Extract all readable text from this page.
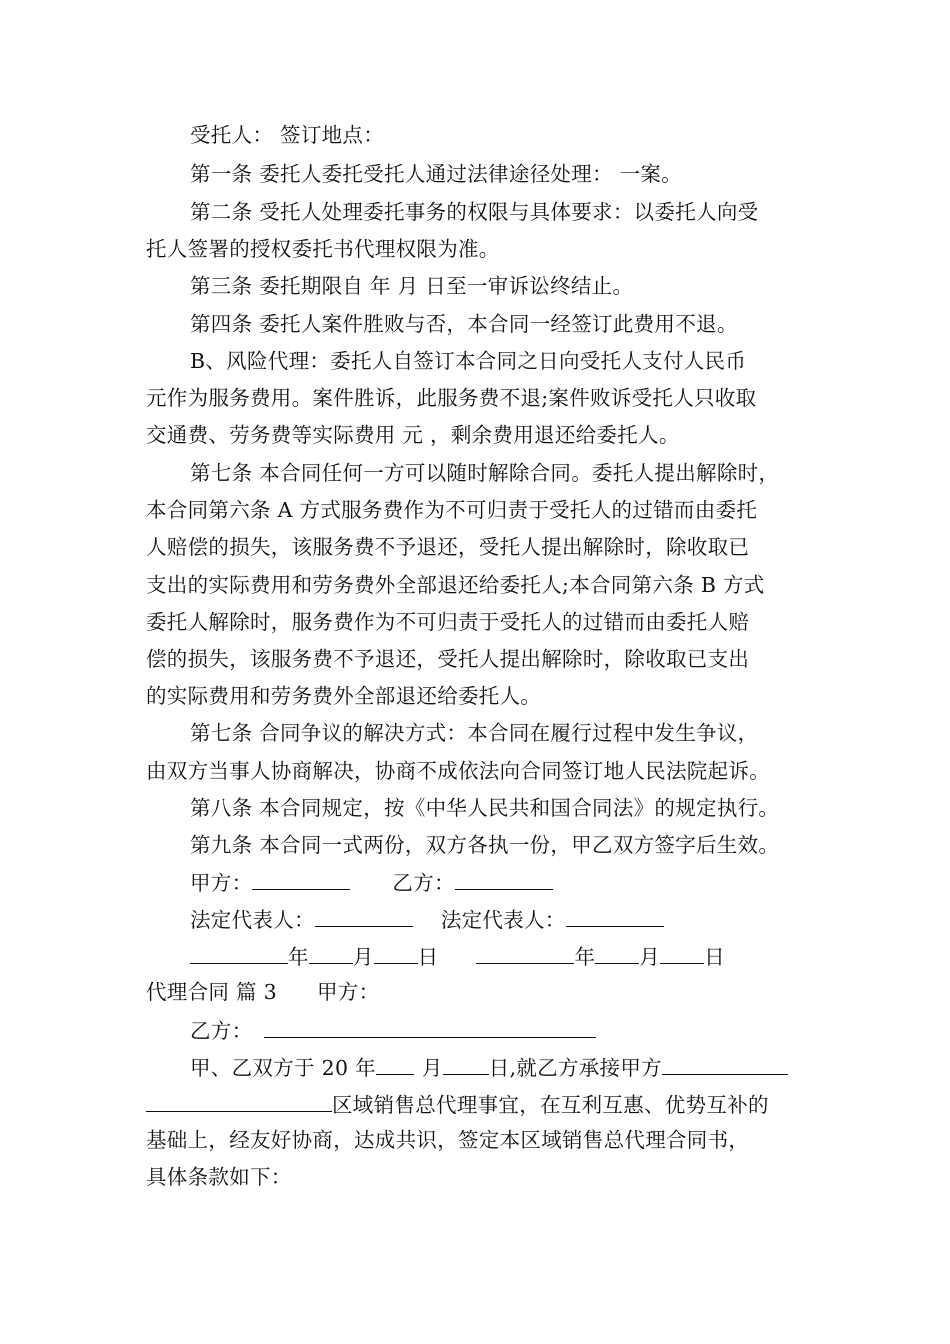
受托人： 签订地点：
第一条 委托人委托受托人通过法律途径处理： 一案。
第二条 受托人处理委托事务的权限与具体要求：以委托人向受
托人签署的授权委托书代理权限为准。
第三条 委托期限自 年 月 日至一审诉讼终结止。
第四条 委托人案件胜败与否，本合同一经签订此费用不退。
B、风险代理：委托人自签订本合同之日向受托人支付人民币
元作为服务费用。案件胜诉，此服务费不退;案件败诉受托人只收取
交通费、劳务费等实际费用 元 ，剩余费用退还给委托人。
第七条 本合同任何一方可以随时解除合同。委托人提出解除时，
本合同第六条 A 方式服务费作为不可归责于受托人的过错而由委托
人赔偿的损失，该服务费不予退还，受托人提出解除时，除收取已
支出的实际费用和劳务费外全部退还给委托人;本合同第六条 B 方式
委托人解除时，服务费作为不可归责于受托人的过错而由委托人赔
偿的损失，该服务费不予退还，受托人提出解除时，除收取已支出
的实际费用和劳务费外全部退还给委托人。
第七条 合同争议的解决方式：本合同在履行过程中发生争议，
由双方当事人协商解决，协商不成依法向合同签订地人民法院起诉。
第八条 本合同规定，按《中华人民共和国合同法》的规定执行。
第九条 本合同一式两份，双方各执一份，甲乙双方签字后生效。
甲方：	乙方：
法定代表人：	法定代表人：
年 月 日	年 月 日
代理合同 篇 3 甲方：
乙方：
甲、乙双方于 20 年 月 日,就乙方承接甲方
区域销售总代理事宜，在互利互惠、优势互补的
基础上，经友好协商，达成共识，签定本区域销售总代理合同书，
具体条款如下：
